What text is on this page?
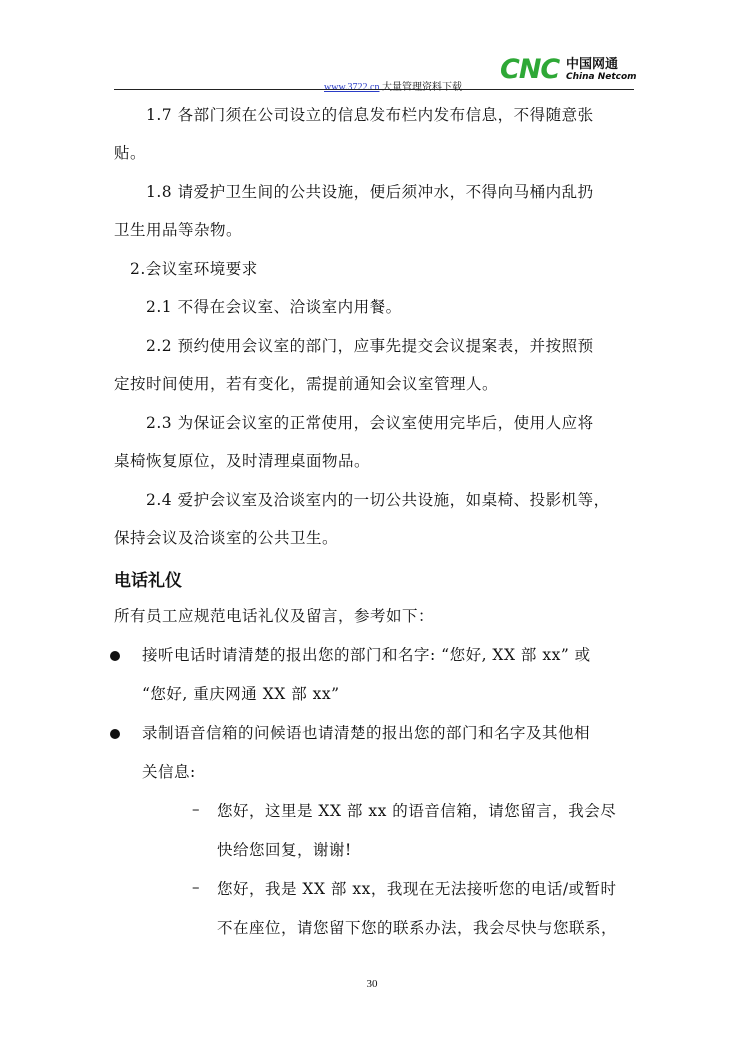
www.3722.cn 大量管理资料下载
CNC 中国网通
China Netcom
1.7 各部门须在公司设立的信息发布栏内发布信息，不得随意张
贴。
1.8 请爱护卫生间的公共设施，便后须冲水，不得向马桶内乱扔
卫生用品等杂物。
2.会议室环境要求
2.1 不得在会议室、洽谈室内用餐。
2.2 预约使用会议室的部门，应事先提交会议提案表，并按照预
定按时间使用，若有变化，需提前通知会议室管理人。
2.3 为保证会议室的正常使用，会议室使用完毕后，使用人应将
桌椅恢复原位，及时清理桌面物品。
2.4 爱护会议室及洽谈室内的一切公共设施，如桌椅、投影机等，
保持会议及洽谈室的公共卫生。
电话礼仪
所有员工应规范电话礼仪及留言，参考如下：
接听电话时请清楚的报出您的部门和名字: “您好, XX 部 xx” 或
“您好, 重庆网通 XX 部 xx”
录制语音信箱的问候语也请清楚的报出您的部门和名字及其他相
关信息:
– 您好，这里是 XX 部 xx 的语音信箱，请您留言，我会尽
快给您回复，谢谢!
– 您好，我是 XX 部 xx，我现在无法接听您的电话/或暂时
不在座位，请您留下您的联系办法，我会尽快与您联系，
30
